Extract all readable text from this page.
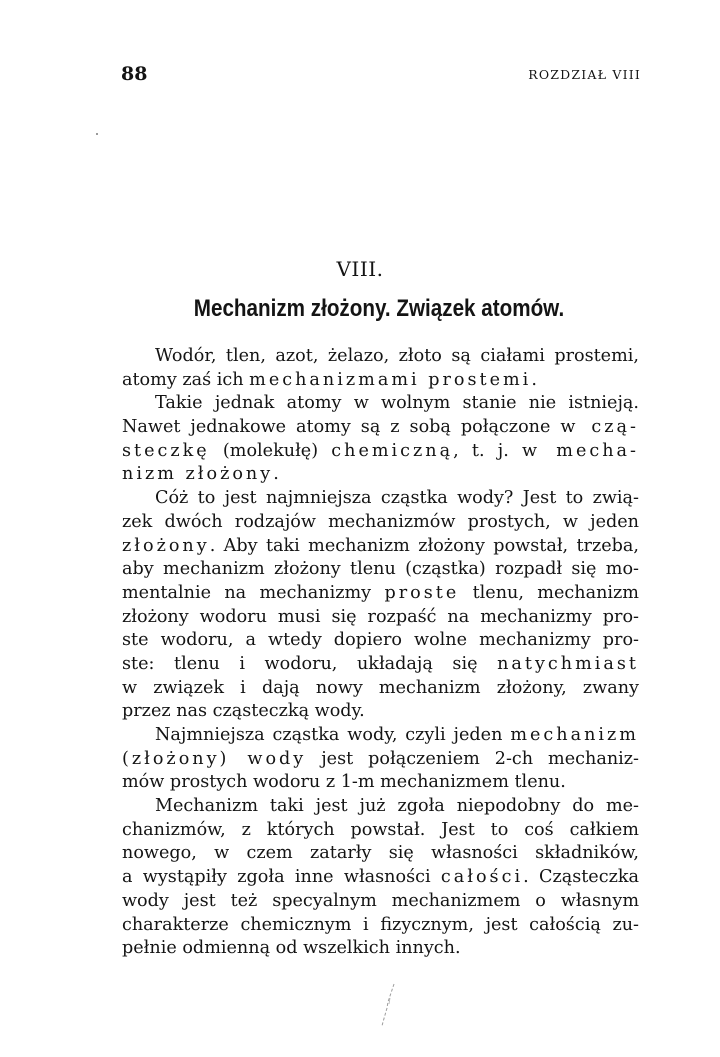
88	ROZDZIAŁ VIII
VIII.
Mechanizm złożony. Związek atomów.
Wodór, tlen, azot, żelazo, złoto są ciałami prostemi,
atomy zaś ich mechanizmami prostemi.
Takie jednak atomy w wolnym stanie nie istnieją.
Nawet jednakowe atomy są z sobą połączone w czą-
steczkę (molekułę) chemiczną, t. j. w mecha-
nizm złożony.
Cóż to jest najmniejsza cząstka wody? Jest to zwią-
zek dwóch rodzajów mechanizmów prostych, w jeden
złożony. Aby taki mechanizm złożony powstał, trzeba,
aby mechanizm złożony tlenu (cząstka) rozpadł się mo-
mentalnie na mechanizmy proste tlenu, mechanizm
złożony wodoru musi się rozpaść na mechanizmy pro-
ste wodoru, a wtedy dopiero wolne mechanizmy pro-
ste: tlenu i wodoru, układają się natychmiast
w związek i dają nowy mechanizm złożony, zwany
przez nas cząsteczką wody.
Najmniejsza cząstka wody, czyli jeden mechanizm
(złożony) wody jest połączeniem 2-ch mechaniz-
mów prostych wodoru z 1-m mechanizmem tlenu.
Mechanizm taki jest już zgoła niepodobny do me-
chanizmów, z których powstał. Jest to coś całkiem
nowego, w czem zatarły się własności składników,
a wystąpiły zgoła inne własności całości. Cząsteczka
wody jest też specyalnym mechanizmem o własnym
charakterze chemicznym i fizycznym, jest całością zu-
pełnie odmienną od wszelkich innych.
